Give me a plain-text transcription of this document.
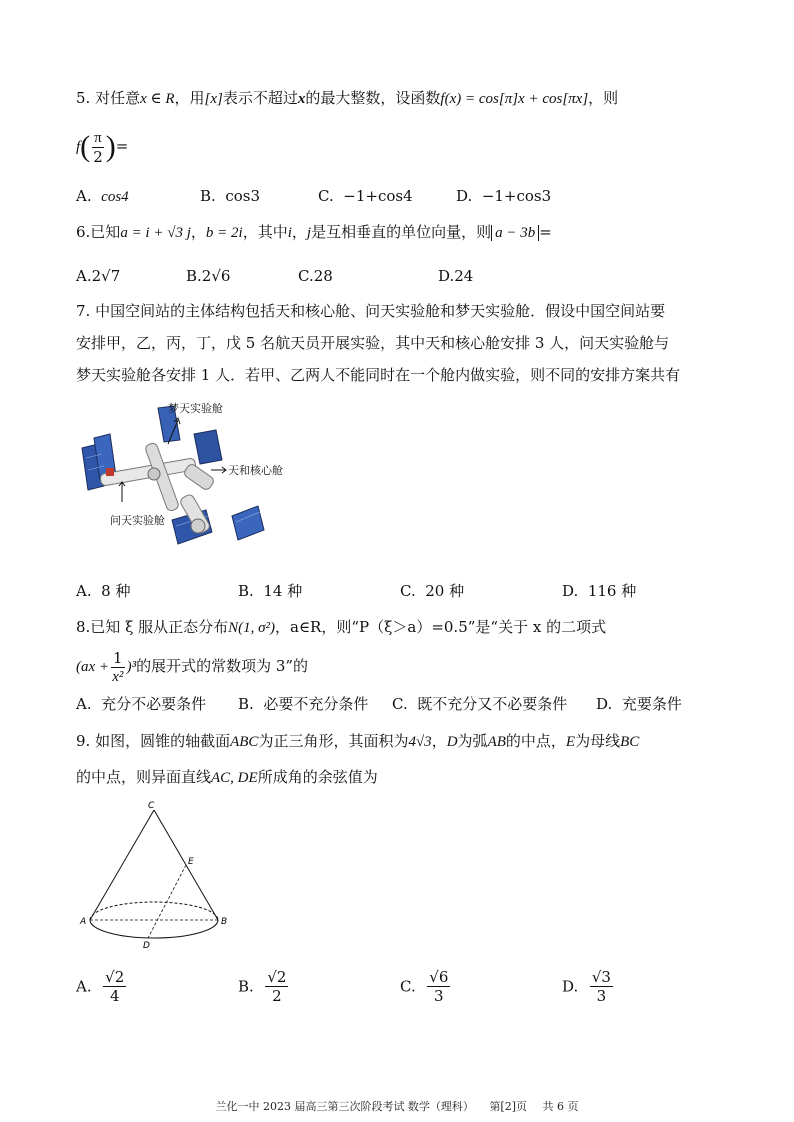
5. 对任意x ∈ R，用[x]表示不超过x的最大整数，设函数f(x) = cos[π]x + cos[πx]，则
$f( \frac{\pi}{2}$ )=
A. cos4	B. cos3	C. −1+cos4	D. −1+cos3
6.已知a = i + √3 j，b = 2i，其中i，j是互相垂直的单位向量，则 a − 3b =
A.2√7	B.2√6	C.28	D.24
7. 中国空间站的主体结构包括天和核心舱、问天实验舱和梦天实验舱．假设中国空间站要
安排甲，乙，丙，丁，戊 5 名航天员开展实验，其中天和核心舱安排 3 人，问天实验舱与
梦天实验舱各安排 1 人．若甲、乙两人不能同时在一个舱内做实验，则不同的安排方案共有
梦天实验舱
天和核心舱
问天实验舱
A. 8 种	B. 14 种	C. 20 种	D. 116 种
8.已知 ξ 服从正态分布N(1, σ²)，a∈R，则“P（ξ＞a）=0.5”是“关于 x 的二项式
$(ax + \frac{1}{\text{x²}} )^3$的展开式的常数项为 3”的
A. 充分不必要条件 B. 必要不充分条件 C. 既不充分又不必要条件 D. 充要条件
9. 如图，圆锥的轴截面ABC为正三角形，其面积为4√3，D为弧AB的中点，E为母线BC
的中点，则异面直线AC, DE所成角的余弦值为
C
E
A	B
D
A. $\frac{√2}{4}$	B. $\frac{√2}{2}$	C. $\frac{√6}{3}$	D. $\frac{√3}{3}$
兰化一中 2023 届高三第三次阶段考试 数学（理科） 第[2]页 共 6 页
